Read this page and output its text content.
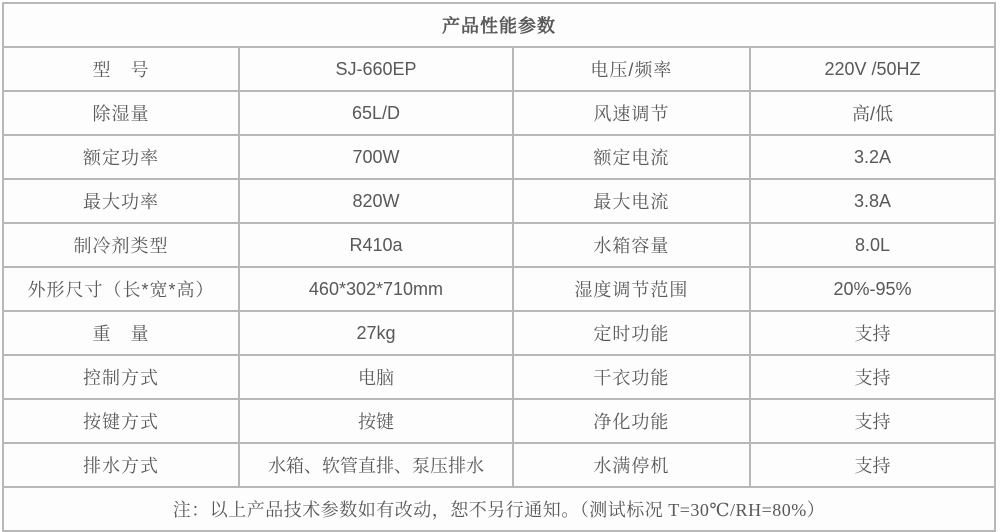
产品性能参数			
型　号	SJ-660EP	电压/频率	220V /50HZ
除湿量	65L/D	风速调节	高/低
额定功率	700W	额定电流	3.2A
最大功率	820W	最大电流	3.8A
制冷剂类型	R410a	水箱容量	8.0L
外形尺寸（长*宽*高）	460*302*710mm	湿度调节范围	20%-95%
重　量	27kg	定时功能	支持
控制方式	电脑	干衣功能	支持
按键方式	按键	净化功能	支持
排水方式	水箱、软管直排、泵压排水	水满停机	支持
注：以上产品技术参数如有改动，恕不另行通知。（测试标况 T=30℃/RH=80%）			
